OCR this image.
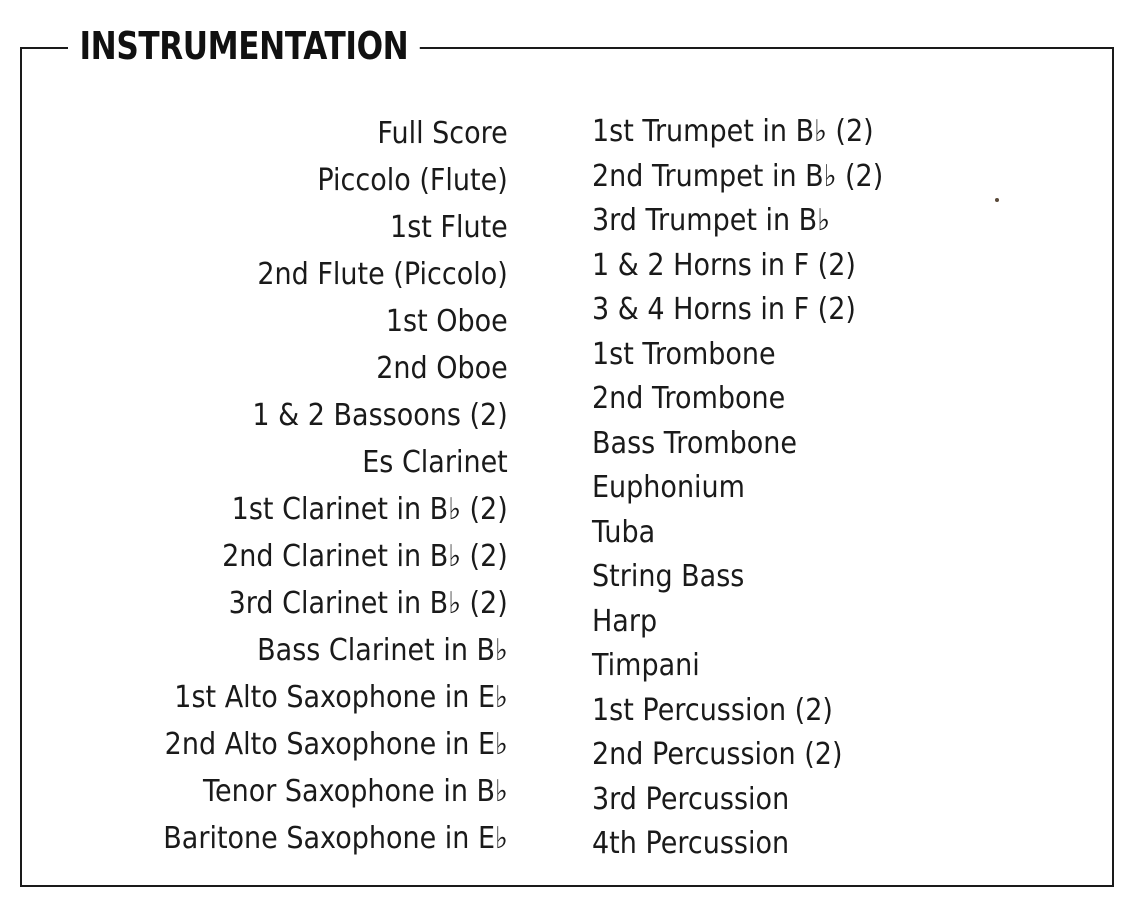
INSTRUMENTATION
Full Score
Piccolo (Flute)
1st Flute
2nd Flute (Piccolo)
1st Oboe
2nd Oboe
1 & 2 Bassoons (2)
Es Clarinet
1st Clarinet in B♭ (2)
2nd Clarinet in B♭ (2)
3rd Clarinet in B♭ (2)
Bass Clarinet in B♭
1st Alto Saxophone in E♭
2nd Alto Saxophone in E♭
Tenor Saxophone in B♭
Baritone Saxophone in E♭
1st Trumpet in B♭ (2)
2nd Trumpet in B♭ (2)
3rd Trumpet in B♭
1 & 2 Horns in F (2)
3 & 4 Horns in F (2)
1st Trombone
2nd Trombone
Bass Trombone
Euphonium
Tuba
String Bass
Harp
Timpani
1st Percussion (2)
2nd Percussion (2)
3rd Percussion
4th Percussion
